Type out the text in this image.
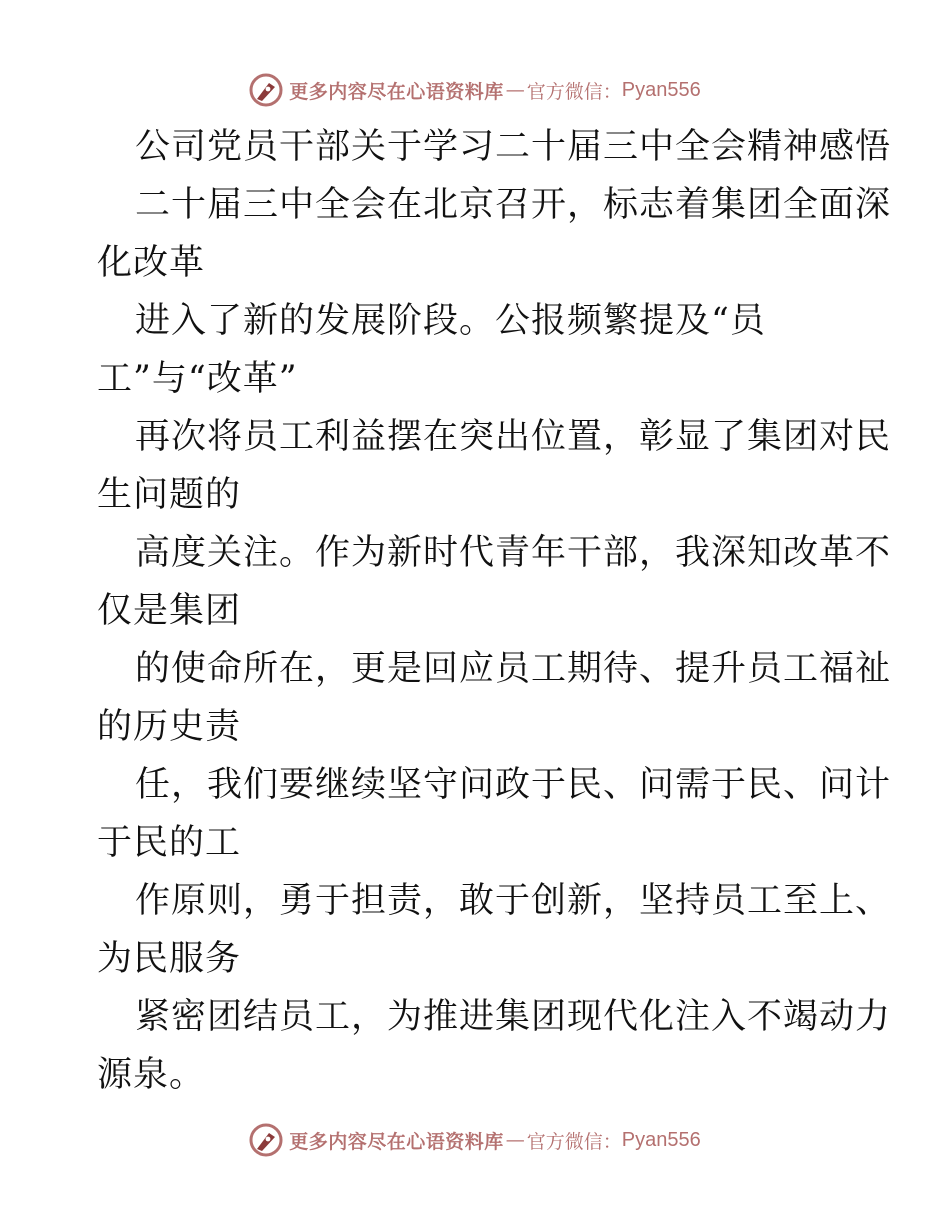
更多内容尽在心语资料库 — 官方微信： Pyan556
公司党员干部关于学习二十届三中全会精神感悟
二十届三中全会在北京召开，标志着集团全面深
化改革
进入了新的发展阶段。公报频繁提及“员
工”与“改革”
再次将员工利益摆在突出位置，彰显了集团对民
生问题的
高度关注。作为新时代青年干部，我深知改革不
仅是集团
的使命所在，更是回应员工期待、提升员工福祉
的历史责
任，我们要继续坚守问政于民、问需于民、问计
于民的工
作原则，勇于担责，敢于创新，坚持员工至上、
为民服务
紧密团结员工，为推进集团现代化注入不竭动力
源泉。
更多内容尽在心语资料库 — 官方微信： Pyan556
